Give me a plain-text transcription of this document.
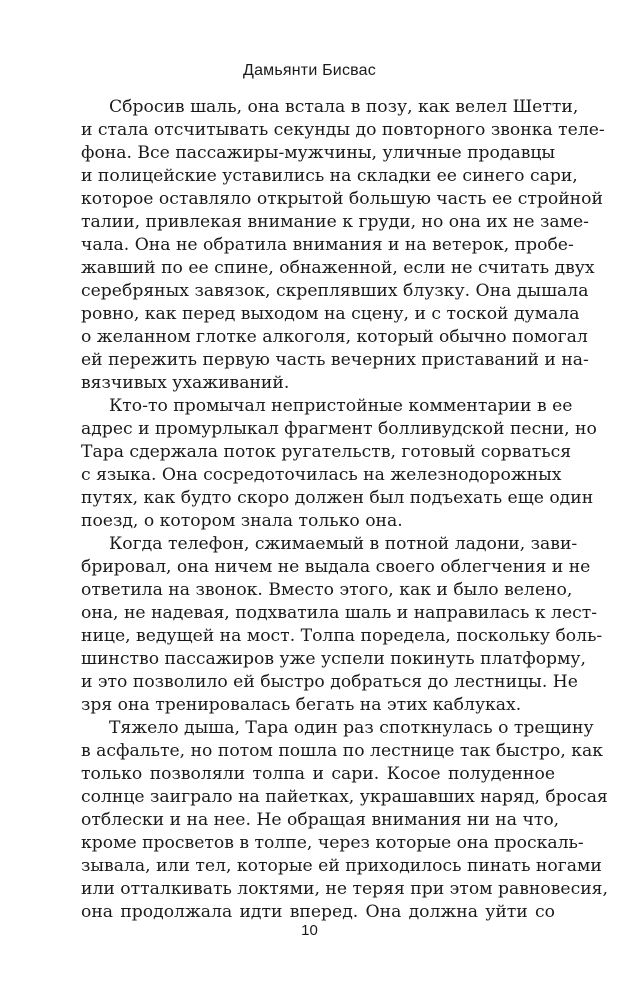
Дамьянти Бисвас
Сбросив шаль, она встала в позу, как велел Шетти,
и стала отсчитывать секунды до повторного звонка теле-
фона. Все пассажиры-мужчины, уличные продавцы
и полицейские уставились на складки ее синего сари,
которое оставляло открытой большую часть ее стройной
талии, привлекая внимание к груди, но она их не заме-
чала. Она не обратила внимания и на ветерок, пробе-
жавший по ее спине, обнаженной, если не считать двух
серебряных завязок, скреплявших блузку. Она дышала
ровно, как перед выходом на сцену, и с тоской думала
о желанном глотке алкоголя, который обычно помогал
ей пережить первую часть вечерних приставаний и на-
вязчивых ухаживаний.
Кто-то промычал непристойные комментарии в ее
адрес и промурлыкал фрагмент болливудской песни, но
Тара сдержала поток ругательств, готовый сорваться
с языка. Она сосредоточилась на железнодорожных
путях, как будто скоро должен был подъехать еще один
поезд, о котором знала только она.
Когда телефон, сжимаемый в потной ладони, зави-
брировал, она ничем не выдала своего облегчения и не
ответила на звонок. Вместо этого, как и было велено,
она, не надевая, подхватила шаль и направилась к лест-
нице, ведущей на мост. Толпа поредела, поскольку боль-
шинство пассажиров уже успели покинуть платформу,
и это позволило ей быстро добраться до лестницы. Не
зря она тренировалась бегать на этих каблуках.
Тяжело дыша, Тара один раз споткнулась о трещину
в асфальте, но потом пошла по лестнице так быстро, как
только позволяли толпа и сари. Косое полуденное
солнце заиграло на пайетках, украшавших наряд, бросая
отблески и на нее. Не обращая внимания ни на что,
кроме просветов в толпе, через которые она проскаль-
зывала, или тел, которые ей приходилось пинать ногами
или отталкивать локтями, не теряя при этом равновесия,
она продолжала идти вперед. Она должна уйти со
10
